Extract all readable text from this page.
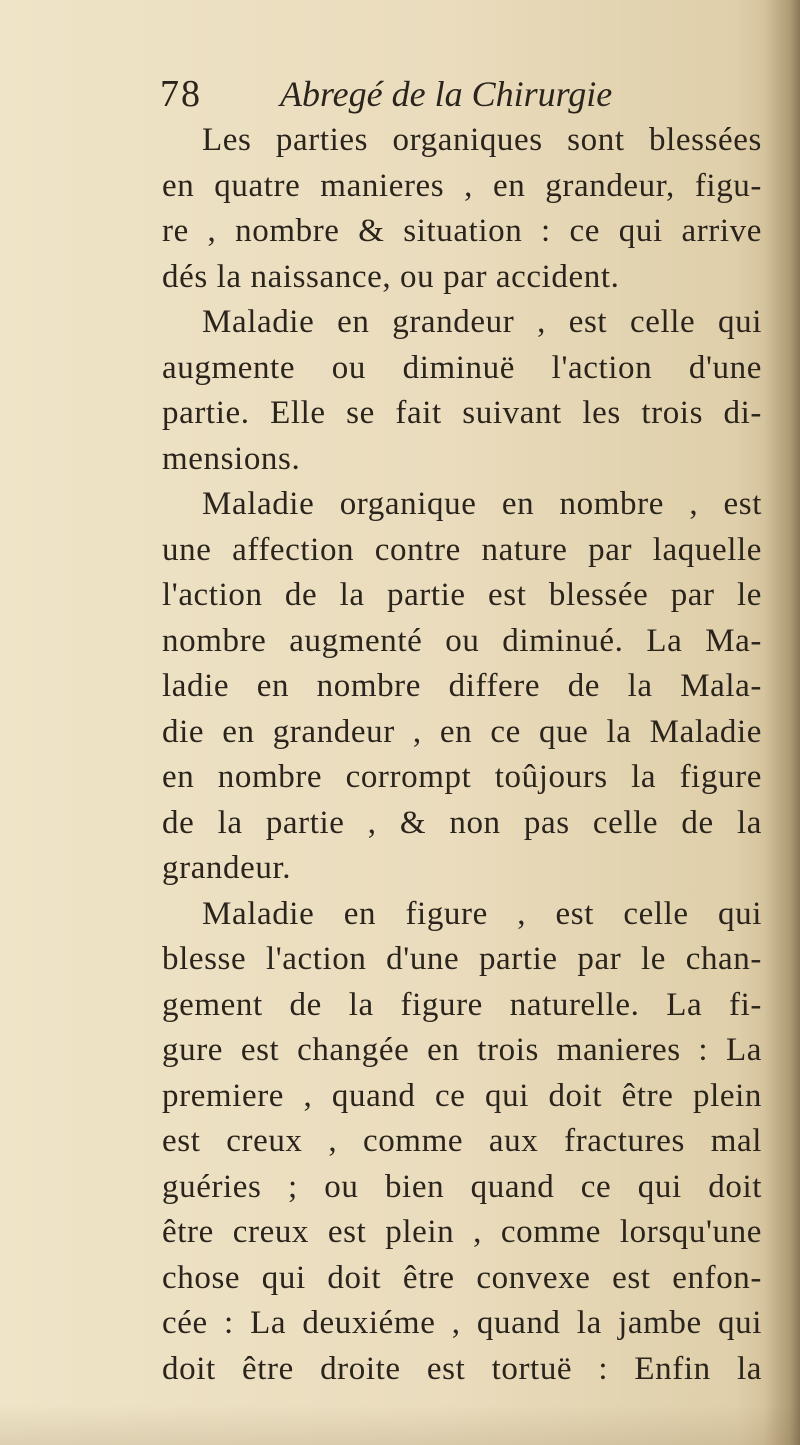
78 Abregé de la Chirurgie
Les parties organiques sont blessées
en quatre manieres , en grandeur, figu-
re , nombre & situation : ce qui arrive
dés la naissance, ou par accident.
Maladie en grandeur , est celle qui
augmente ou diminuë l'action d'une
partie. Elle se fait suivant les trois di-
mensions.
Maladie organique en nombre , est
une affection contre nature par laquelle
l'action de la partie est blessée par le
nombre augmenté ou diminué. La Ma-
ladie en nombre differe de la Mala-
die en grandeur , en ce que la Maladie
en nombre corrompt toûjours la figure
de la partie , & non pas celle de la
grandeur.
Maladie en figure , est celle qui
blesse l'action d'une partie par le chan-
gement de la figure naturelle. La fi-
gure est changée en trois manieres : La
premiere , quand ce qui doit être plein
est creux , comme aux fractures mal
guéries ; ou bien quand ce qui doit
être creux est plein , comme lorsqu'une
chose qui doit être convexe est enfon-
cée : La deuxiéme , quand la jambe qui
doit être droite est tortuë : Enfin la
